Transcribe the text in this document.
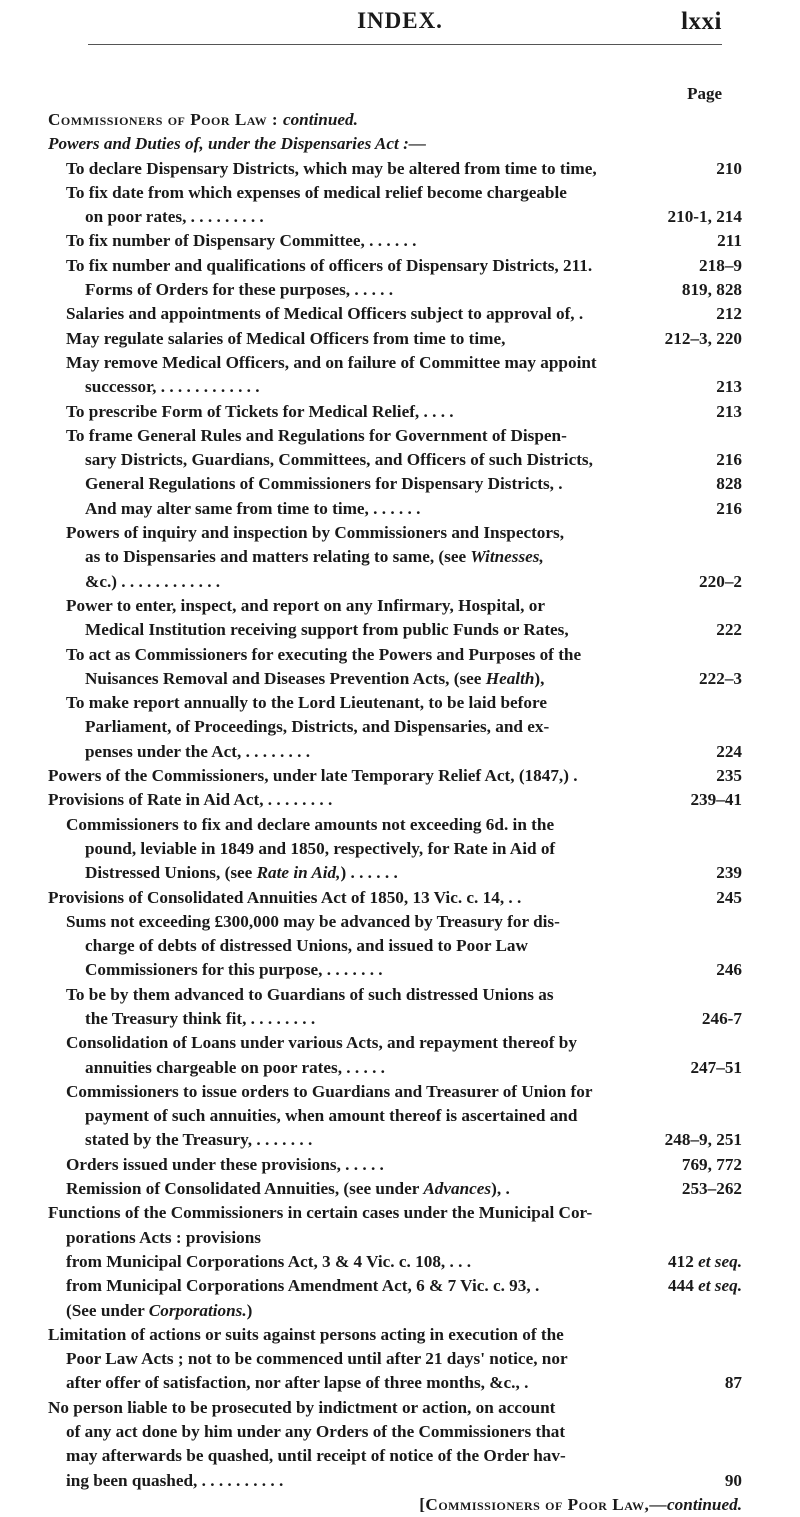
INDEX.	lxxi
Page
Commissioners of Poor Law : continued.
Powers and Duties of, under the Dispensaries Act :—
To declare Dispensary Districts, which may be altered from time to time,	210
To fix date from which expenses of medical relief become chargeable
on poor rates, . . . . . . . . .	210-1, 214
To fix number of Dispensary Committee, . . . . . .	211
To fix number and qualifications of officers of Dispensary Districts, 211.	218–9
Forms of Orders for these purposes, . . . . .	819, 828
Salaries and appointments of Medical Officers subject to approval of, .	212
May regulate salaries of Medical Officers from time to time,	212–3, 220
May remove Medical Officers, and on failure of Committee may appoint
successor, . . . . . . . . . . . .	213
To prescribe Form of Tickets for Medical Relief, . . . .	213
To frame General Rules and Regulations for Government of Dispen-
sary Districts, Guardians, Committees, and Officers of such Districts,	216
General Regulations of Commissioners for Dispensary Districts, .	828
And may alter same from time to time, . . . . . .	216
Powers of inquiry and inspection by Commissioners and Inspectors,
as to Dispensaries and matters relating to same, (see Witnesses,
&c.) . . . . . . . . . . . .	220–2
Power to enter, inspect, and report on any Infirmary, Hospital, or
Medical Institution receiving support from public Funds or Rates,	222
To act as Commissioners for executing the Powers and Purposes of the
Nuisances Removal and Diseases Prevention Acts, (see Health),	222–3
To make report annually to the Lord Lieutenant, to be laid before
Parliament, of Proceedings, Districts, and Dispensaries, and ex-
penses under the Act, . . . . . . . .	224
Powers of the Commissioners, under late Temporary Relief Act, (1847,) .	235
Provisions of Rate in Aid Act, . . . . . . . .	239–41
Commissioners to fix and declare amounts not exceeding 6d. in the
pound, leviable in 1849 and 1850, respectively, for Rate in Aid of
Distressed Unions, (see Rate in Aid,) . . . . . .	239
Provisions of Consolidated Annuities Act of 1850, 13 Vic. c. 14, . .	245
Sums not exceeding £300,000 may be advanced by Treasury for dis-
charge of debts of distressed Unions, and issued to Poor Law
Commissioners for this purpose, . . . . . . .	246
To be by them advanced to Guardians of such distressed Unions as
the Treasury think fit, . . . . . . . .	246-7
Consolidation of Loans under various Acts, and repayment thereof by
annuities chargeable on poor rates, . . . . .	247–51
Commissioners to issue orders to Guardians and Treasurer of Union for
payment of such annuities, when amount thereof is ascertained and
stated by the Treasury, . . . . . . .	248–9, 251
Orders issued under these provisions, . . . . .	769, 772
Remission of Consolidated Annuities, (see under Advances), .	253–262
Functions of the Commissioners in certain cases under the Municipal Cor-
porations Acts : provisions
from Municipal Corporations Act, 3 & 4 Vic. c. 108, . . .	412 et seq.
from Municipal Corporations Amendment Act, 6 & 7 Vic. c. 93, .	444 et seq.
(See under Corporations.)
Limitation of actions or suits against persons acting in execution of the
Poor Law Acts ; not to be commenced until after 21 days' notice, nor
after offer of satisfaction, nor after lapse of three months, &c., .	87
No person liable to be prosecuted by indictment or action, on account
of any act done by him under any Orders of the Commissioners that
may afterwards be quashed, until receipt of notice of the Order hav-
ing been quashed, . . . . . . . . . .	90
[Commissioners of Poor Law,—continued.
